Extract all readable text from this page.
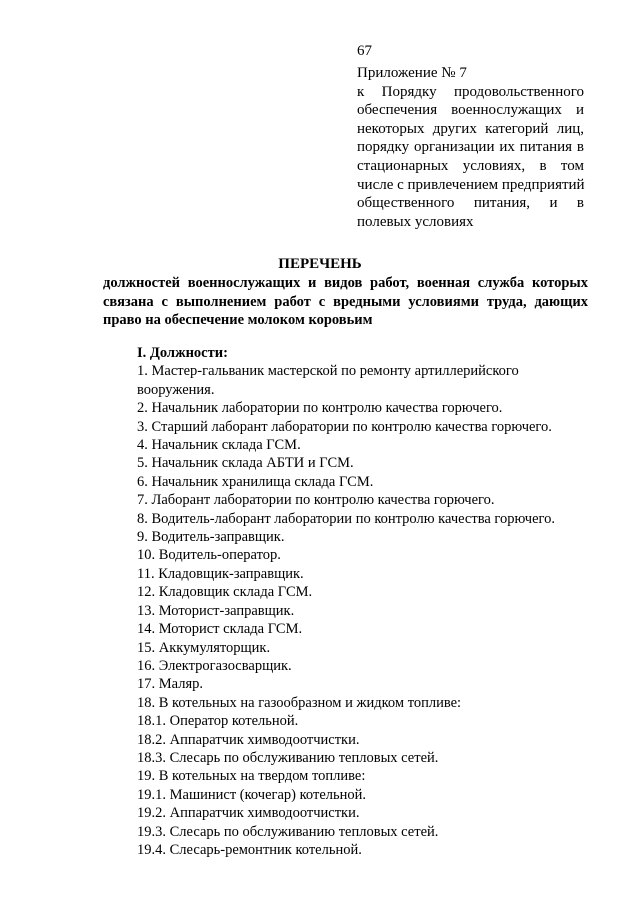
67
Приложение № 7
к Порядку продовольственного
обеспечения военнослужащих и
некоторых других категорий лиц,
порядку организации их питания в
стационарных условиях, в том
числе с привлечением предприятий
общественного питания, и в
полевых условиях
ПЕРЕЧЕНЬ
должностей военнослужащих и видов работ, военная служба которых
связана с выполнением работ с вредными условиями труда, дающих
право на обеспечение молоком коровьим
I. Должности:
1. Мастер-гальваник мастерской по ремонту артиллерийского
вооружения.
2. Начальник лаборатории по контролю качества горючего.
3. Старший лаборант лаборатории по контролю качества горючего.
4. Начальник склада ГСМ.
5. Начальник склада АБТИ и ГСМ.
6. Начальник хранилища склада ГСМ.
7. Лаборант лаборатории по контролю качества горючего.
8. Водитель-лаборант лаборатории по контролю качества горючего.
9. Водитель-заправщик.
10. Водитель-оператор.
11. Кладовщик-заправщик.
12. Кладовщик склада ГСМ.
13. Моторист-заправщик.
14. Моторист склада ГСМ.
15. Аккумуляторщик.
16. Электрогазосварщик.
17. Маляр.
18. В котельных на газообразном и жидком топливе:
18.1. Оператор котельной.
18.2. Аппаратчик химводоотчистки.
18.3. Слесарь по обслуживанию тепловых сетей.
19. В котельных на твердом топливе:
19.1. Машинист (кочегар) котельной.
19.2. Аппаратчик химводоотчистки.
19.3. Слесарь по обслуживанию тепловых сетей.
19.4. Слесарь-ремонтник котельной.
